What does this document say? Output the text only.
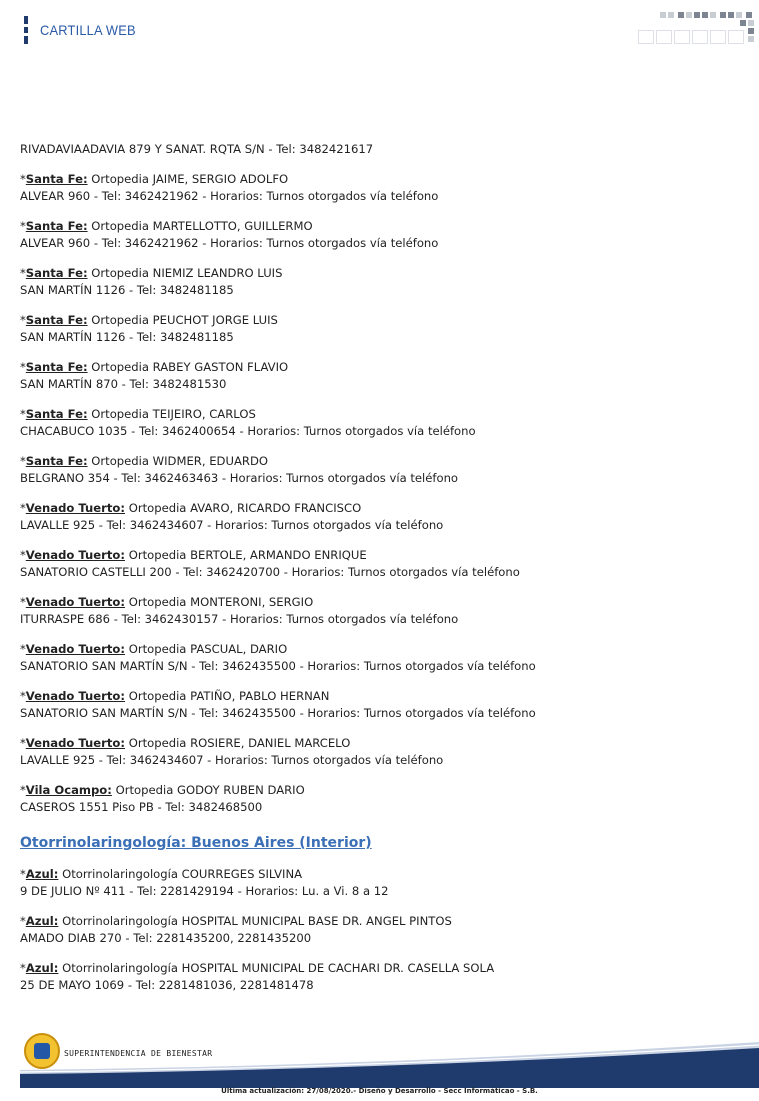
CARTILLA WEB
RIVADAVIAADAVIA 879 Y SANAT. RQTA S/N - Tel: 3482421617
*Santa Fe: Ortopedia JAIME, SERGIO ADOLFO
ALVEAR 960 - Tel: 3462421962 - Horarios: Turnos otorgados vía teléfono
*Santa Fe: Ortopedia MARTELLOTTO, GUILLERMO
ALVEAR 960 - Tel: 3462421962 - Horarios: Turnos otorgados vía teléfono
*Santa Fe: Ortopedia NIEMIZ LEANDRO LUIS
SAN MARTÍN 1126 - Tel: 3482481185
*Santa Fe: Ortopedia PEUCHOT JORGE LUIS
SAN MARTÍN 1126 - Tel: 3482481185
*Santa Fe: Ortopedia RABEY GASTON FLAVIO
SAN MARTÍN 870 - Tel: 3482481530
*Santa Fe: Ortopedia TEIJEIRO, CARLOS
CHACABUCO 1035 - Tel: 3462400654 - Horarios: Turnos otorgados vía teléfono
*Santa Fe: Ortopedia WIDMER, EDUARDO
BELGRANO 354 - Tel: 3462463463 - Horarios: Turnos otorgados vía teléfono
*Venado Tuerto: Ortopedia AVARO, RICARDO FRANCISCO
LAVALLE 925 - Tel: 3462434607 - Horarios: Turnos otorgados vía teléfono
*Venado Tuerto: Ortopedia BERTOLE, ARMANDO ENRIQUE
SANATORIO CASTELLI 200 - Tel: 3462420700 - Horarios: Turnos otorgados vía teléfono
*Venado Tuerto: Ortopedia MONTERONI, SERGIO
ITURRASPE 686 - Tel: 3462430157 - Horarios: Turnos otorgados vía teléfono
*Venado Tuerto: Ortopedia PASCUAL, DARIO
SANATORIO SAN MARTÍN S/N - Tel: 3462435500 - Horarios: Turnos otorgados vía teléfono
*Venado Tuerto: Ortopedia PATIÑO, PABLO HERNAN
SANATORIO SAN MARTÍN S/N - Tel: 3462435500 - Horarios: Turnos otorgados vía teléfono
*Venado Tuerto: Ortopedia ROSIERE, DANIEL MARCELO
LAVALLE 925 - Tel: 3462434607 - Horarios: Turnos otorgados vía teléfono
*Vila Ocampo: Ortopedia GODOY RUBEN DARIO
CASEROS 1551 Piso PB - Tel: 3482468500
Otorrinolaringología: Buenos Aires (Interior)
*Azul: Otorrinolaringología COURREGES SILVINA
9 DE JULIO Nº 411 - Tel: 2281429194 - Horarios: Lu. a Vi. 8 a 12
*Azul: Otorrinolaringología HOSPITAL MUNICIPAL BASE DR. ANGEL PINTOS
AMADO DIAB 270 - Tel: 2281435200, 2281435200
*Azul: Otorrinolaringología HOSPITAL MUNICIPAL DE CACHARI DR. CASELLA SOLA
25 DE MAYO 1069 - Tel: 2281481036, 2281481478
SUPERINTENDENCIA DE BIENESTAR
Ultima actualización: 27/08/2020.- Diseño y Desarrollo - Secc Informáticao - S.B.
